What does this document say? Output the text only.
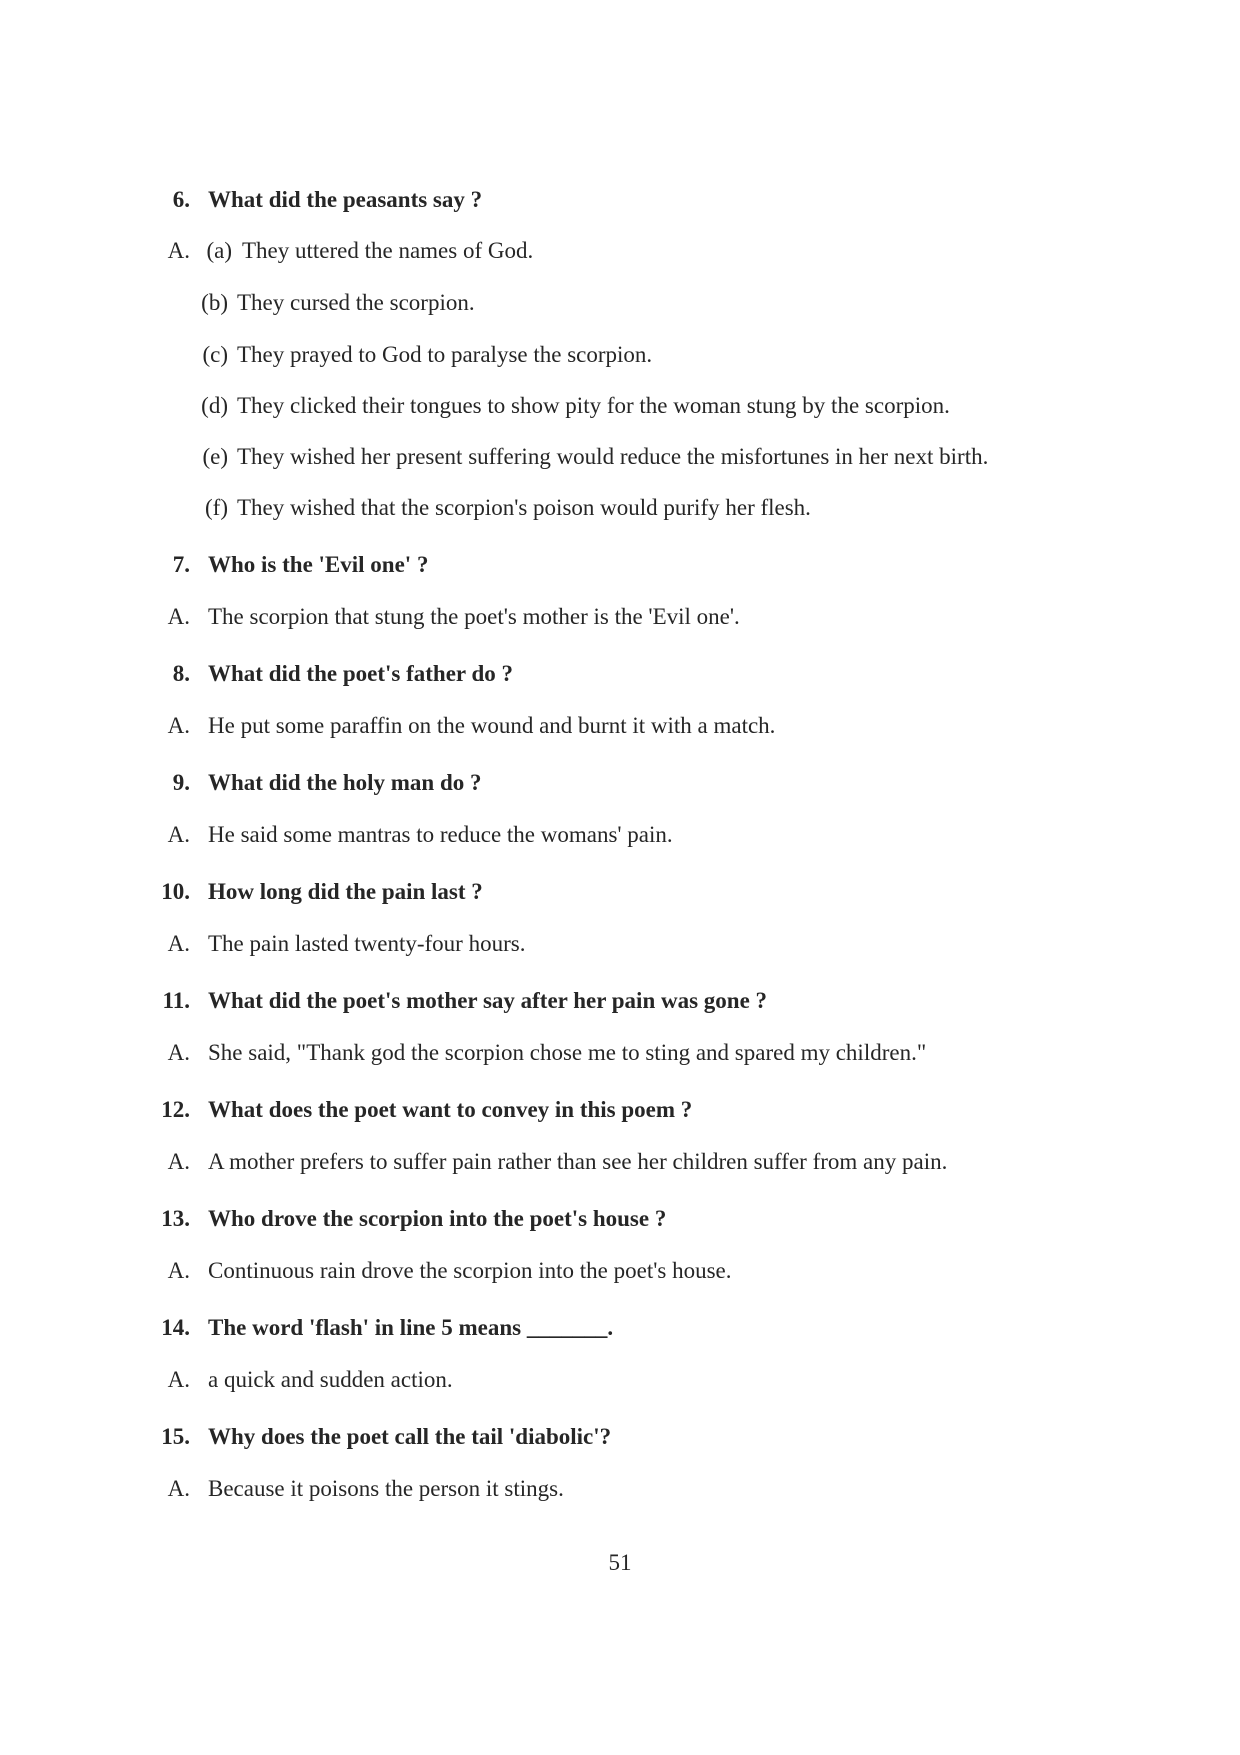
6. What did the peasants say ?
A. (a) They uttered the names of God.
(b) They cursed the scorpion.
(c) They prayed to God to paralyse the scorpion.
(d) They clicked their tongues to show pity for the woman stung by the scorpion.
(e) They wished her present suffering would reduce the misfortunes in her next birth.
(f) They wished that the scorpion's poison would purify her flesh.
7. Who is the 'Evil one' ?
A. The scorpion that stung the poet's mother is the 'Evil one'.
8. What did the poet's father do ?
A. He put some paraffin on the wound and burnt it with a match.
9. What did the holy man do ?
A. He said some mantras to reduce the womans' pain.
10. How long did the pain last ?
A. The pain lasted twenty-four hours.
11. What did the poet's mother say after her pain was gone ?
A. She said, "Thank god the scorpion chose me to sting and spared my children."
12. What does the poet want to convey in this poem ?
A. A mother prefers to suffer pain rather than see her children suffer from any pain.
13. Who drove the scorpion into the poet's house ?
A. Continuous rain drove the scorpion into the poet's house.
14. The word 'flash' in line 5 means _______.
A. a quick and sudden action.
15. Why does the poet call the tail 'diabolic'?
A. Because it poisons the person it stings.
51
